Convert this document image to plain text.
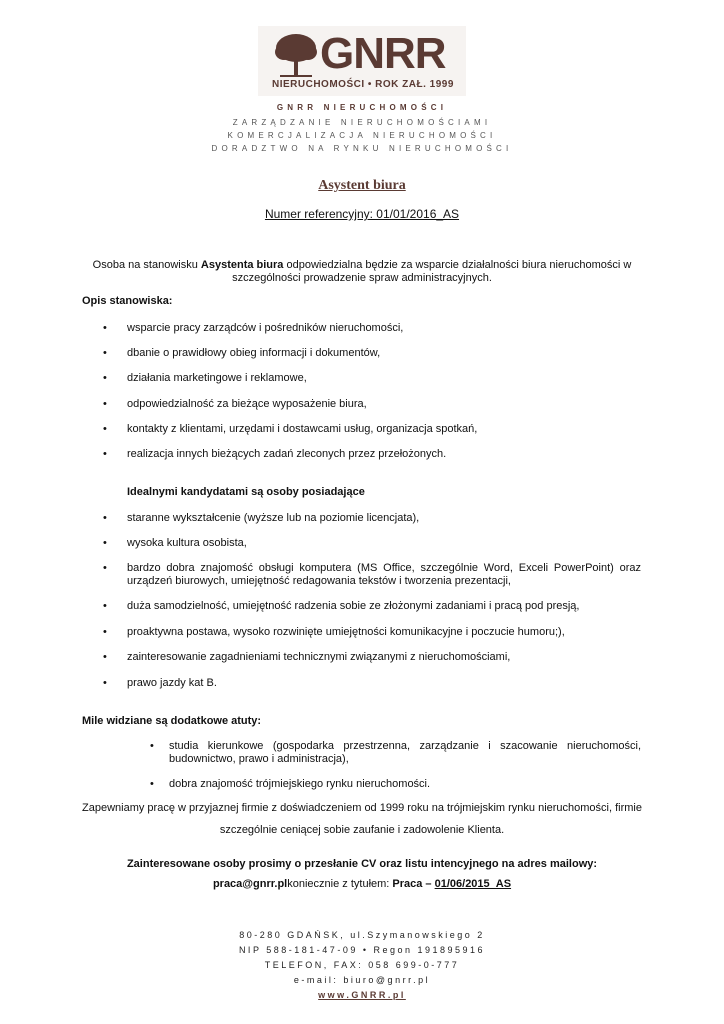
GNRR
NIERUCHOMOŚCI • ROK ZAŁ. 1999
GNRR NIERUCHOMOŚCI
ZARZĄDZANIE NIERUCHOMOŚCIAMI
KOMERCJALIZACJA NIERUCHOMOŚCI
DORADZTWO NA RYNKU NIERUCHOMOŚCI
Asystent biura
Numer referencyjny: 01/01/2016_AS
Osoba na stanowisku Asystenta biura odpowiedzialna będzie za wsparcie działalności biura nieruchomości w szczególności prowadzenie spraw administracyjnych.
Opis stanowiska:
• wsparcie pracy zarządców i pośredników nieruchomości,
• dbanie o prawidłowy obieg informacji i dokumentów,
• działania marketingowe i reklamowe,
• odpowiedzialność za bieżące wyposażenie biura,
• kontakty z klientami, urzędami i dostawcami usług, organizacja spotkań,
• realizacja innych bieżących zadań zleconych przez przełożonych.
Idealnymi kandydatami są osoby posiadające
• staranne wykształcenie (wyższe lub na poziomie licencjata),
• wysoka kultura osobista,
• bardzo dobra znajomość obsługi komputera (MS Office, szczególnie Word, Exceli PowerPoint) oraz urządzeń biurowych, umiejętność redagowania tekstów i tworzenia prezentacji,
• duża samodzielność, umiejętność radzenia sobie ze złożonymi zadaniami i pracą pod presją,
• proaktywna postawa, wysoko rozwinięte umiejętności komunikacyjne i poczucie humoru;),
• zainteresowanie zagadnieniami technicznymi związanymi z nieruchomościami,
• prawo jazdy kat B.
Mile widziane są dodatkowe atuty:
• studia kierunkowe (gospodarka przestrzenna, zarządzanie i szacowanie nieruchomości, budownictwo, prawo i administracja),
• dobra znajomość trójmiejskiego rynku nieruchomości.
Zapewniamy pracę w przyjaznej firmie z doświadczeniem od 1999 roku na trójmiejskim rynku nieruchomości, firmie szczególnie ceniącej sobie zaufanie i zadowolenie Klienta.
Zainteresowane osoby prosimy o przesłanie CV oraz listu intencyjnego na adres mailowy:
praca@gnrr.plkoniecznie z tytułem: Praca – 01/06/2015_AS
80-280 GDAŃSK, ul.Szymanowskiego 2
NIP 588-181-47-09 • Regon 191895916
TELEFON, FAX: 058 699-0-777
e-mail: biuro@gnrr.pl
www.GNRR.pl
